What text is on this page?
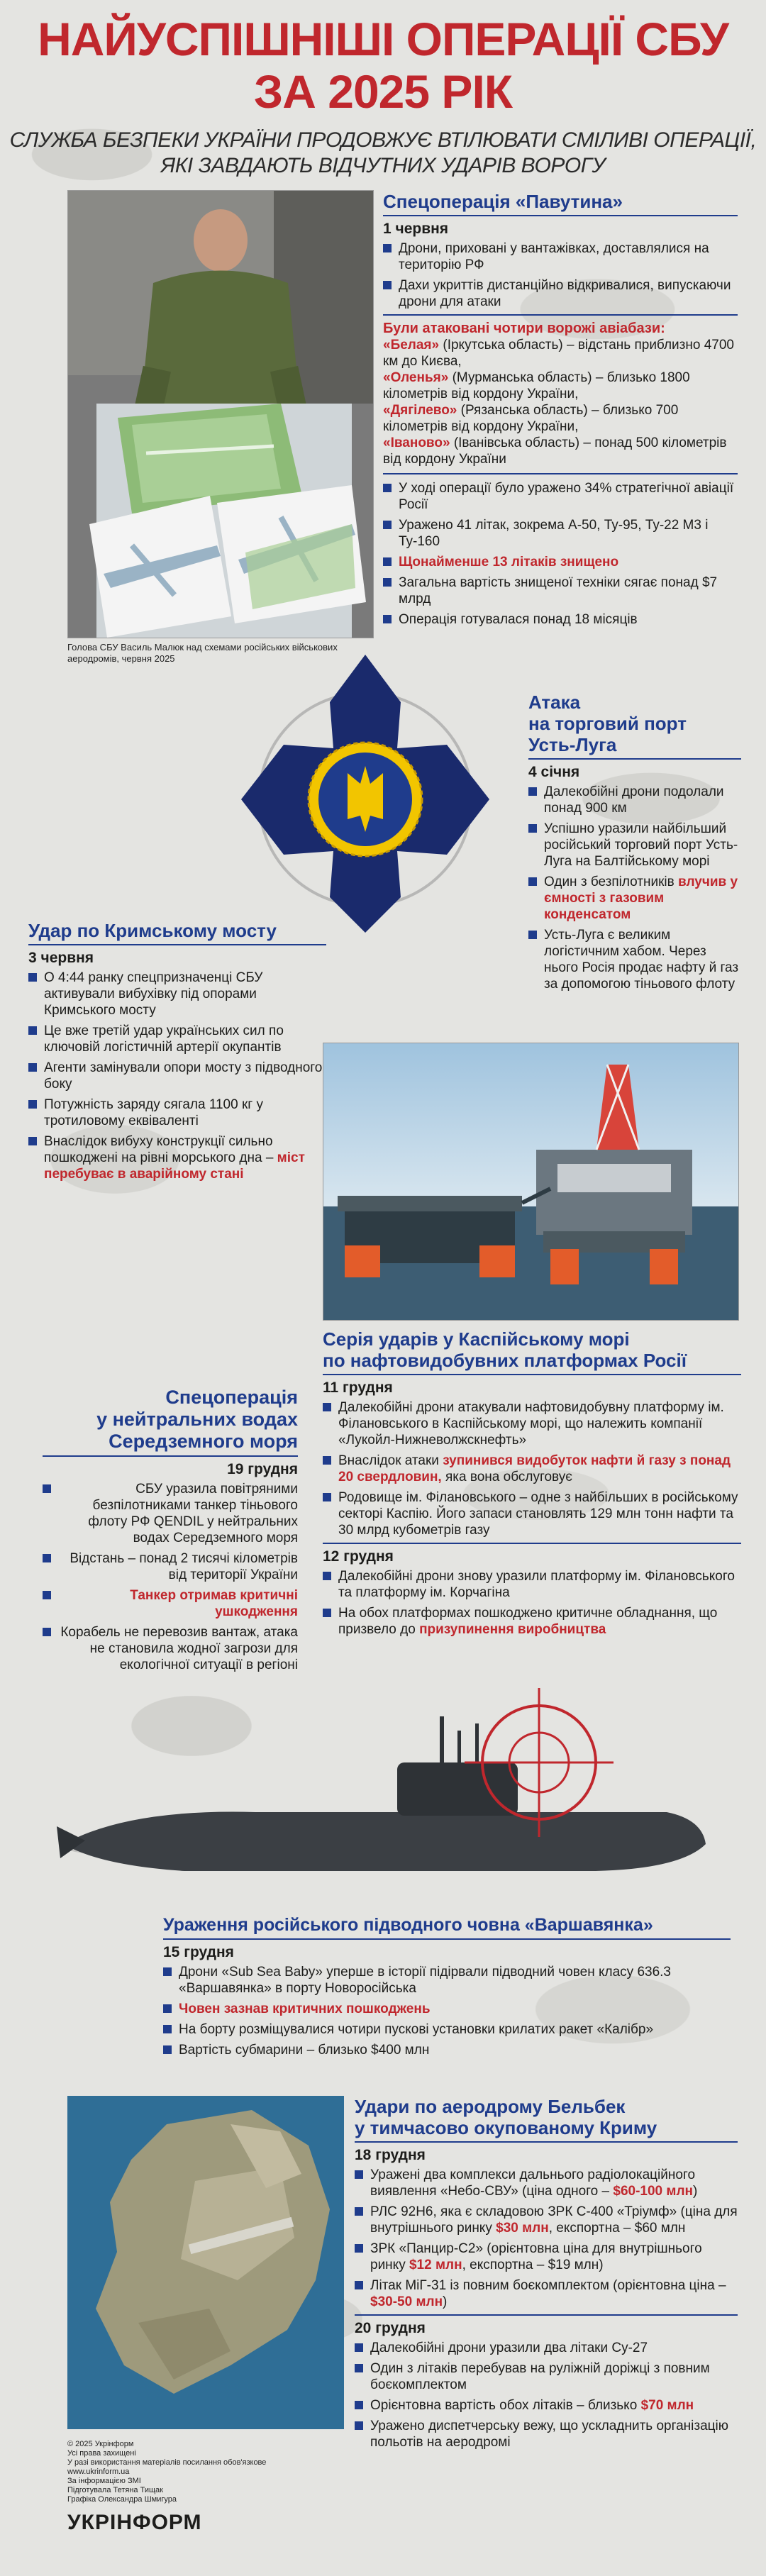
НАЙУСПІШНІШІ ОПЕРАЦІЇ СБУ
ЗА 2025 РІК
СЛУЖБА БЕЗПЕКИ УКРАЇНИ ПРОДОВЖУЄ ВТІЛЮВАТИ СМІЛИВІ ОПЕРАЦІЇ,
ЯКІ ЗАВДАЮТЬ ВІДЧУТНИХ УДАРІВ ВОРОГУ
Голова СБУ Василь Малюк над схемами російських військових аеродромів, червня 2025
Спецоперація «Павутина»
1 червня
Дрони, приховані у вантажівках, доставлялися на територію РФ
Дахи укриттів дистанційно відкривалися, випускаючи дрони для атаки
Були атаковані чотири ворожі авіабази:
«Белая» (Іркутська область) – відстань приблизно 4700 км до Києва,
«Оленья» (Мурманська область) – близько 1800 кілометрів від кордону України,
«Дягілево» (Рязанська область) – близько 700 кілометрів від кордону України,
«Іваново» (Іванівська область) – понад 500 кілометрів від кордону України
У ході операції було уражено 34% стратегічної авіації Росії
Уражено 41 літак, зокрема А-50, Ту-95, Ту-22 М3 і Ту-160
Щонайменше 13 літаків знищено
Загальна вартість знищеної техніки сягає понад $7 млрд
Операція готувалася понад 18 місяців
Атака
на торговий порт
Усть-Луга
4 січня
Далекобійні дрони подолали понад 900 км
Успішно уразили найбільший російський торговий порт Усть-Луга на Балтійському морі
Один з безпілотників влучив у ємності з газовим конденсатом
Усть-Луга є великим логістичним хабом. Через нього Росія продає нафту й газ за допомогою тіньового флоту
Удар по Кримському мосту
3 червня
О 4:44 ранку спецпризначенці СБУ активували вибухівку під опорами Кримського мосту
Це вже третій удар українських сил по ключовій логістичній артерії окупантів
Агенти замінували опори мосту з підводного боку
Потужність заряду сягала 1100 кг у тротиловому еквіваленті
Внаслідок вибуху конструкції сильно пошкоджені на рівні морського дна – міст перебуває в аварійному стані
Серія ударів у Каспійському морі
по нафтовидобувних платформах Росії
11 грудня
Далекобійні дрони атакували нафтовидобувну платформу ім. Філановського в Каспійському морі, що належить компанії «Лукойл-Нижневолжскнефть»
Внаслідок атаки зупинився видобуток нафти й газу з понад 20 свердловин, яка вона обслуговує
Родовище ім. Філановського – одне з найбільших в російському секторі Каспію. Його запаси становлять 129 млн тонн нафти та 30 млрд кубометрів газу
12 грудня
Далекобійні дрони знову уразили платформу ім. Філановського та платформу ім. Корчагіна
На обох платформах пошкоджено критичне обладнання, що призвело до призупинення виробництва
Спецоперація
у нейтральних водах
Середземного моря
19 грудня
СБУ уразила повітряними безпілотниками танкер тіньового флоту РФ QENDIL у нейтральних водах Середземного моря
Відстань – понад 2 тисячі кілометрів від території України
Танкер отримав критичні ушкодження
Корабель не перевозив вантаж, атака не становила жодної загрози для екологічної ситуації в регіоні
Ураження російського підводного човна «Варшавянка»
15 грудня
Дрони «Sub Sea Baby» уперше в історії підірвали підводний човен класу 636.3 «Варшавянка» в порту Новоросійська
Човен зазнав критичних пошкоджень
На борту розміщувалися чотири пускові установки крилатих ракет «Калібр»
Вартість субмарини – близько $400 млн
Удари по аеродрому Бельбек
у тимчасово окупованому Криму
18 грудня
Уражені два комплекси дальнього радіолокаційного виявлення «Небо-СВУ» (ціна одного – $60-100 млн)
РЛС 92Н6, яка є складовою ЗРК С-400 «Тріумф» (ціна для внутрішнього ринку $30 млн, експортна – $60 млн
ЗРК «Панцир-С2» (орієнтовна ціна для внутрішнього ринку $12 млн, експортна – $19 млн)
Літак МіГ-31 із повним боєкомплектом (орієнтовна ціна – $30-50 млн)
20 грудня
Далекобійні дрони уразили два літаки Су-27
Один з літаків перебував на руліжній доріжці з повним боєкомплектом
Орієнтовна вартість обох літаків – близько $70 млн
Уражено диспетчерську вежу, що ускладнить організацію польотів на аеродромі
© 2025 Укрінформ
Усі права захищені
У разі використання матеріалів посилання обов'язкове
www.ukrinform.ua
За інформацією ЗМІ
Підготувала Тетяна Тищак
Графіка Олександра Шмигура
УКРІНФОРМ
